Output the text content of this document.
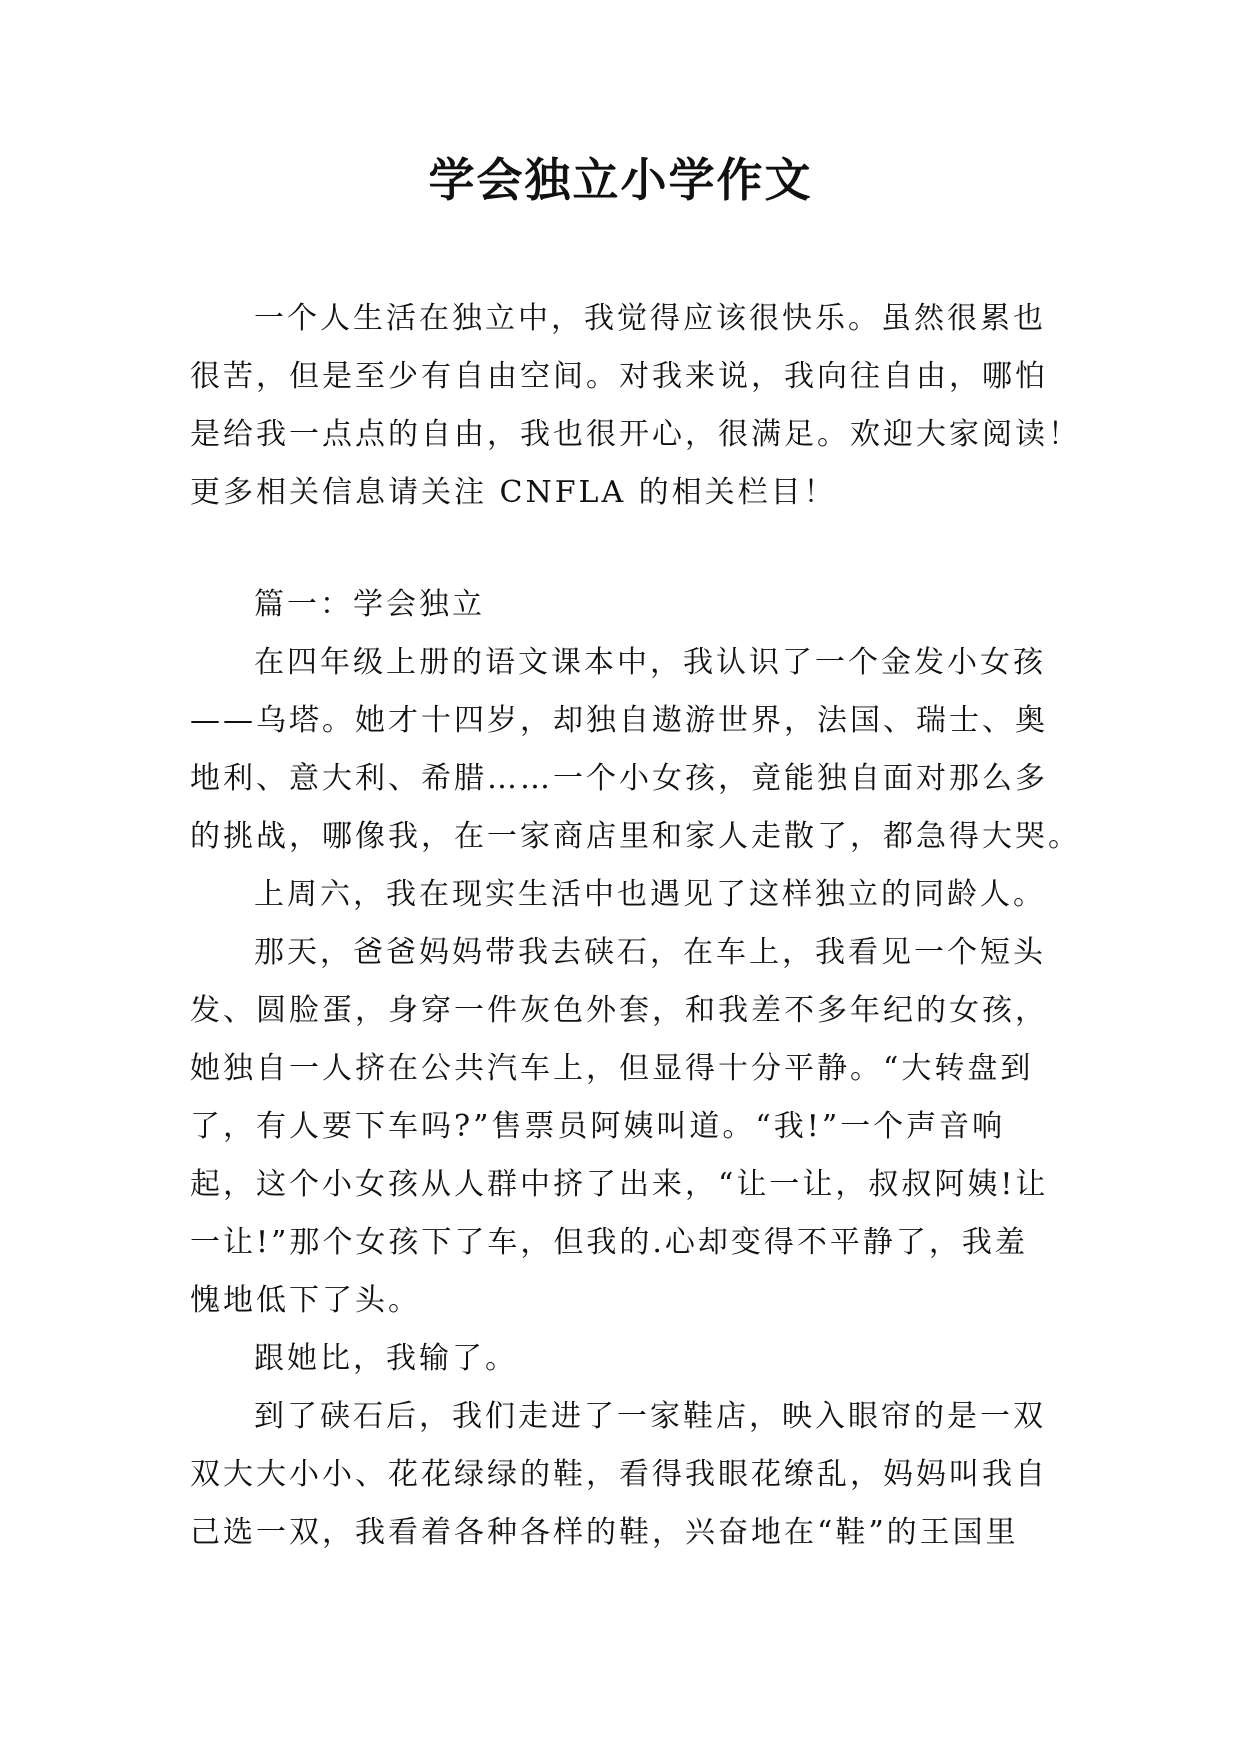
学会独立小学作文

一个人生活在独立中，我觉得应该很快乐。虽然很累也
很苦，但是至少有自由空间。对我来说，我向往自由，哪怕
是给我一点点的自由，我也很开心，很满足。欢迎大家阅读！
更多相关信息请关注 CNFLA 的相关栏目！

篇一：学会独立

在四年级上册的语文课本中，我认识了一个金发小女孩
——乌塔。她才十四岁，却独自遨游世界，法国、瑞士、奥
地利、意大利、希腊……一个小女孩，竟能独自面对那么多
的挑战，哪像我，在一家商店里和家人走散了，都急得大哭。

上周六，我在现实生活中也遇见了这样独立的同龄人。

那天，爸爸妈妈带我去硖石，在车上，我看见一个短头
发、圆脸蛋，身穿一件灰色外套，和我差不多年纪的女孩，
她独自一人挤在公共汽车上，但显得十分平静。“大转盘到
了，有人要下车吗?”售票员阿姨叫道。“我!”一个声音响
起，这个小女孩从人群中挤了出来，“让一让，叔叔阿姨!让
一让!”那个女孩下了车，但我的.心却变得不平静了，我羞
愧地低下了头。

跟她比，我输了。

到了硖石后，我们走进了一家鞋店，映入眼帘的是一双
双大大小小、花花绿绿的鞋，看得我眼花缭乱，妈妈叫我自
己选一双，我看着各种各样的鞋，兴奋地在“鞋”的王国里
